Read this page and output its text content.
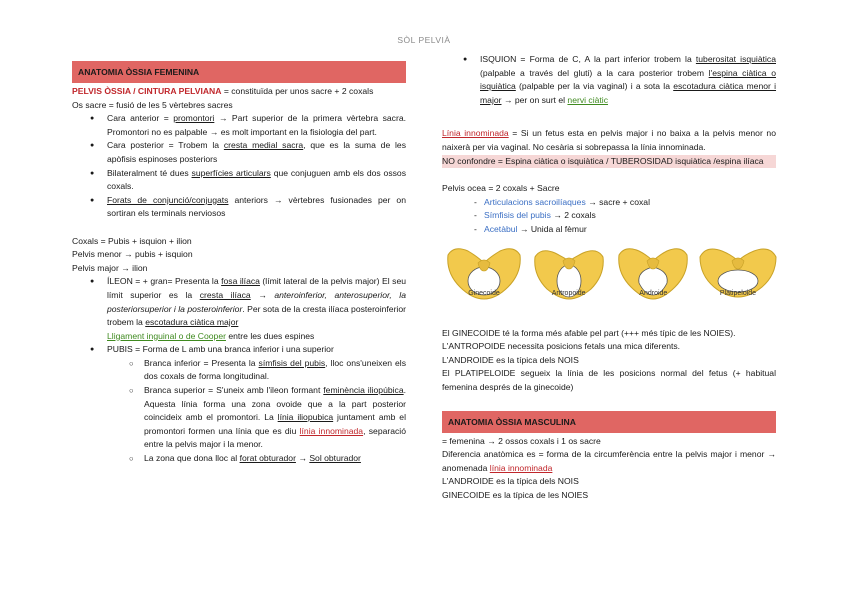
SÒL PELVIÀ
ANATOMIA ÒSSIA FEMENINA

PELVIS ÒSSIA / CINTURA PELVIANA = constituïda per unos sacre + 2 coxals

Os sacre = fusió de les 5 vèrtebres sacres

● Cara anterior = promontori → Part superior de la primera vèrtebra sacra. Promontori no es palpable → es molt important en la fisiologia del part.
● Cara posterior = Trobem la cresta medial sacra, que es la suma de les apòfisis espinoses posteriors
● Bilateralment té dues superfícies articulars que conjuguen amb els dos ossos coxals.
● Forats de conjunció/conjugats anteriors → vèrtebres fusionades per on sortiran els terminals nerviosos

Coxals = Pubis + isquion + ilion

Pelvis menor → pubis + isquion

Pelvis major → ilion

● ÍLEON = + gran= Presenta la fosa ilíaca (límit lateral de la pelvis major) El seu límit superior es la cresta ilíaca → anteroinferior, anterosuperior, la posteriorsuperior i la posteroinferior. Per sota de la cresta ilíaca posteroinferior trobem la escotadura ciàtica major
Lligament inguinal o de Cooper entre les dues espines
● PUBIS = Forma de L amb una branca inferior i una superior
○ Branca inferior = Presenta la símfisis del pubis, lloc ons'uneixen els dos coxals de forma longitudinal.
○ Branca superior = S'uneix amb l'ileon formant feminència iliopúbica. Aquesta línia forma una zona ovoide que a la part posterior coincideix amb el promontori. La línia iliopubica juntament amb el promontori formen una línia que es diu línia innominada, separació entre la pelvis major i la menor.
○ La zona que dona lloc al forat obturador → Sol obturador
● ISQUION = Forma de C, A la part inferior trobem la tuberositat isquiàtica (palpable a través del gluti) a la cara posterior trobem l'espina ciàtica o isquiàtica (palpable per la via vaginal) i a sota la escotadura ciàtica menor i major → per on surt el nervi ciàtic

Línia innominada = Si un fetus esta en pelvis major i no baixa a la pelvis menor no naixerà per via vaginal. No cesària si sobrepassa la línia innominada.

NO confondre = Espina ciàtica o isquiàtica / TUBEROSIDAD isquiàtica /espina ilíaca

Pelvis ocea = 2 coxals + Sacre

- Articulacions sacroilíaques → sacre + coxal
- Símfisis del pubis → 2 coxals
- Acetàbul → Unida al fèmur
Ginecoide	Antropoide	Androide	Platipeloide

El GINECOIDE té la forma més afable pel part (+++ més típic de les NOIES).

L'ANTROPOIDE necessita posicions fetals una mica diferents.

L'ANDROIDE es la típica dels NOIS

El PLATIPELOIDE segueix la línia de les posicions normal del fetus (+ habitual femenina després de la ginecoide)

ANATOMIA ÒSSIA MASCULINA

= femenina → 2 ossos coxals i 1 os sacre

Diferencia anatòmica es = forma de la circumferència entre la pelvis major i menor → anomenada línia innominada

L'ANDROIDE es la típica dels NOIS

GINECOIDE es la típica de les NOIES
